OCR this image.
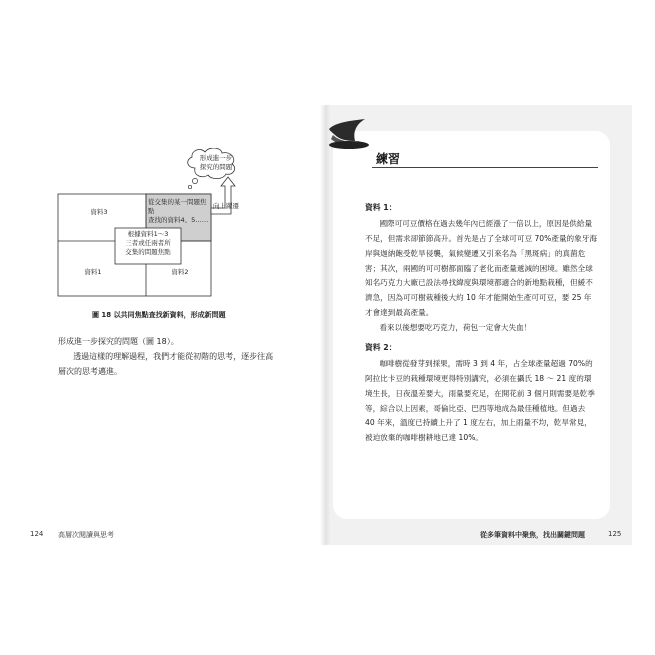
形成進一步
探究的問題
資料3
資料1	資料2
從交集的某一問題焦點
查找的資料4、5……
向上躍遷
根據資料1〜3
三者或任兩者所
交集的問題焦點
圖 18 以共同焦點查找新資料，形成新問題

形成進一步探究的問題（圖 18）。

透過這樣的理解過程，我們才能從初階的思考，逐步往高層次的思考邁進。

124 高層次閱讀與思考
練習
資料 1：

國際可可豆價格在過去幾年內已經漲了一倍以上，原因是供給量不足，但需求卻節節高升。首先是占了全球可可豆 70%產量的象牙海岸與迦納飽受乾旱侵襲，氣候變遷又引來名為「黑斑病」的真菌危害；其次，兩國的可可樹都面臨了老化而產量遞減的困境。雖然全球知名巧克力大廠已設法尋找緯度與環境都適合的新地點栽種，但緩不濟急，因為可可樹栽種後大約 10 年才能開始生產可可豆，要 25 年才會達到最高產量。

看來以後想要吃巧克力，荷包一定會大失血！

資料 2：

咖啡樹從發芽到採果，需時 3 到 4 年，占全球產量超過 70%的阿拉比卡豆的栽種環境更得特別講究，必須在攝氏 18 ～ 21 度的環境生長，日夜溫差要大，雨量要充足，在開花前 3 個月則需要是乾季等，綜合以上因素，哥倫比亞、巴西等地成為最佳種植地。但過去 40 年來，溫度已持續上升了 1 度左右，加上雨量不均，乾旱常見，被迫放棄的咖啡樹耕地已達 10%。

從多筆資料中聚焦，找出關鍵問題	125
